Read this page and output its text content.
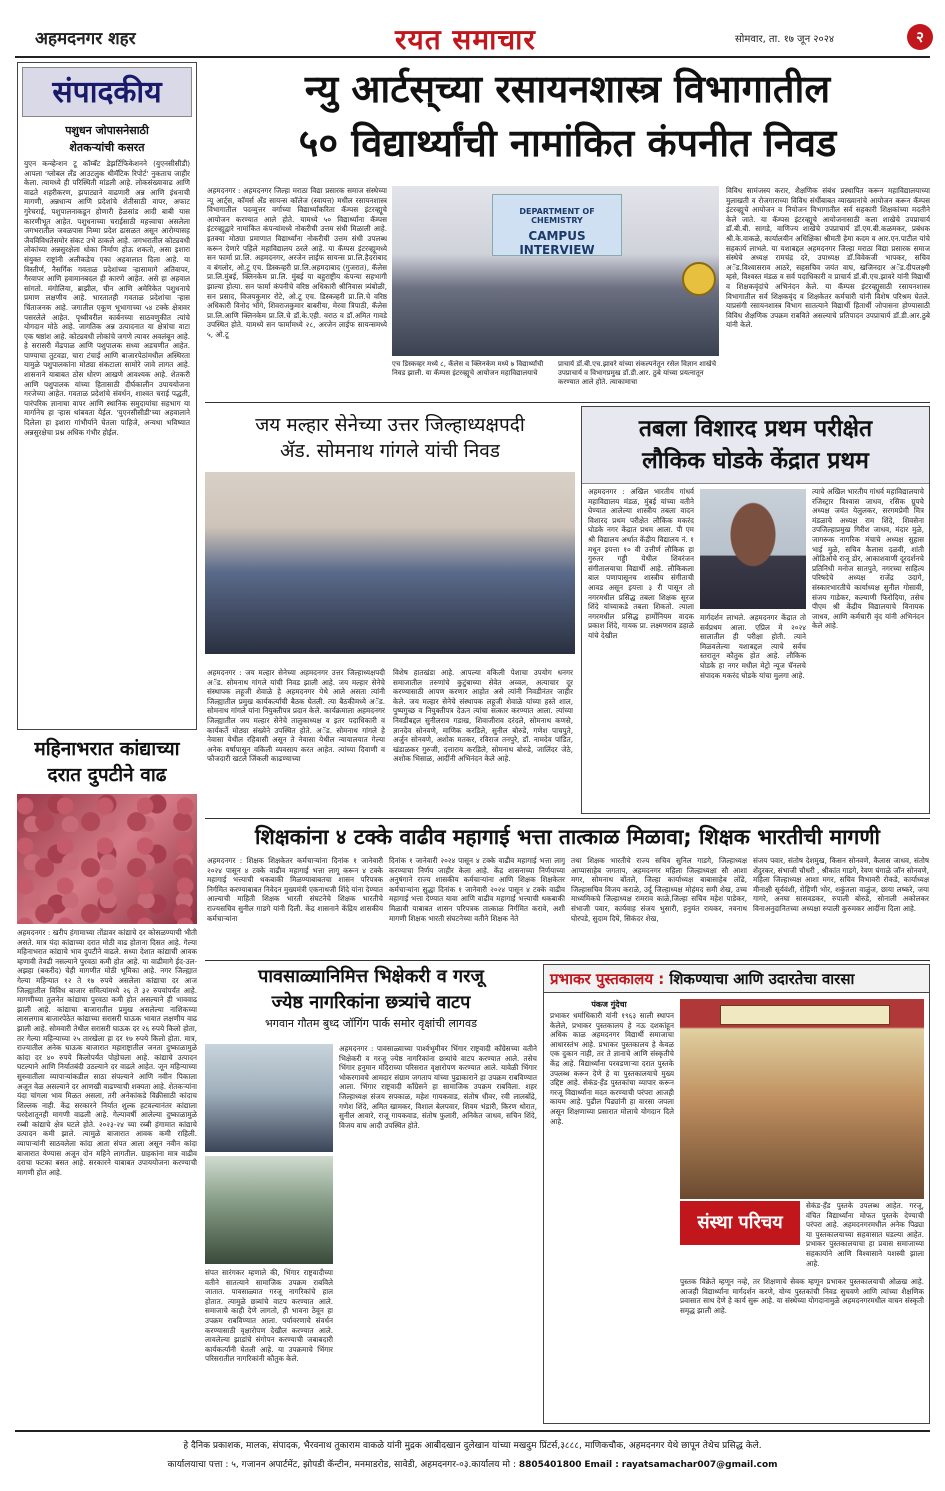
अहमदनगर शहर	रयत समाचार	सोमवार, ता. १७ जून २०२४	२
संपादकीय
पशुधन जोपासनेसाठी
शेतकऱ्यांची कसरत
युएन कन्व्हेन्शन टू कॉम्बॅट डेझर्टिफिकेशनने (युएनसीसीडी) आपला 'ग्लोबल लँड आउटलुक थीमॅटिक रिपोर्ट' नुकताच जाहीर केला. त्यामध्ये ही परिस्थिती मांडली आहे. लोकसंख्यावाढ आणि वाढते शहरीकरण, झपाट्याने वाढणारी अन्न आणि इंधनाची मागणी, अन्नधान्य आणि प्रदेशांचे शेतीसाठी वापर, अफाट गुरेचराई, पशुपालनाकडून होणारी हेळसांड आदी बाबी यास कारणीभूत आहेत. पशुधनाच्या चराईसाठी महत्त्वाचा असलेला जगभरातील जवळपास निम्मा प्रदेश ढासळत असून आरोग्यासह जैवविविधतेसमोर संकट उभे ठाकले आहे. जगभरातील कोट्यवधी लोकांच्या अन्नसुरक्षेला धोका निर्माण होऊ शकतो, असा इशारा संयुक्त राष्ट्रांनी अलीकडेच एका अहवालात दिला आहे. या विस्तीर्ण, नैसर्गिक गवताळ प्रदेशांच्या ऱ्हासामागे अतिवापर, गैरवापर आणि हवामानबदल ही कारणे आहेत. असे हा अहवाल सांगतो. मंगोलिया, ब्राझील, चीन आणि अमेरिकेत पशुधनाचे प्रमाण लक्षणीय आहे. भारतातही गवताळ प्रदेशांचा ऱ्हास चिंताजनक आहे. जगातील एकूण भूभागाच्या ५४ टक्के क्षेत्रावर पसरलेले आहेत. पृथ्वीवरील कार्बनच्या साठवणुकीत त्यांचे योगदान मोठे आहे. जागतिक अन्न उत्पादनात या क्षेत्रांचा वाटा एक षष्ठांश आहे. कोट्यवधी लोकांचे जगणे त्यावर अवलंबून आहे. हे सरासरी मेंढपाळ आणि पशुपालक सध्या अडचणीत आहेत. पाण्याचा तुटवडा, चारा टंचाई आणि बाजारपेठांमधील अस्थिरता यामुळे पशुपालकांना मोठ्या संकटाला सामोरे जावे लागत आहे. शासनाने याबाबत ठोस धोरण आखणे आवश्यक आहे. शेतकरी आणि पशुपालक यांच्या हितासाठी दीर्घकालीन उपाययोजना गरजेच्या आहेत. गवताळ प्रदेशांचे संवर्धन, शाश्वत चराई पद्धती, पारंपरिक ज्ञानाचा वापर आणि स्थानिक समुदायांचा सहभाग या मार्गानेच हा ऱ्हास थांबवता येईल. 'युएनसीसीडी'च्या अहवालाने दिलेला हा इशारा गांभीर्याने घेतला पाहिजे, अन्यथा भविष्यात अन्नसुरक्षेचा प्रश्न अधिक गंभीर होईल.
महिनाभरात कांद्याच्या
दरात दुपटीने वाढ
अहमदनगर : खरीप हंगामाच्या तोंडावर कांद्याचे दर कोसळण्याची भीती असते. मात्र यंदा कांद्याच्या दरात मोठी वाढ होताना दिसत आहे. गेल्या महिनाभरात कांद्याचे भाव दुपटीने वाढले. सध्या देशात कांद्याची आवक म्हणावी तेवढी नसल्याने पुरवठा कमी होत आहे. या वाढीमागे ईद-उल-अझहा (बकरीद) चेही मागणीत मोठी भूमिका आहे. नगर जिल्ह्यात गेल्या महिन्यात १२ ते १७ रुपये असलेला कांद्याचा दर आज जिल्ह्यातील विविध बाजार समित्यांमध्ये २६ ते ३२ रुपयांपर्यंत आहे. मागणीच्या तुलनेत कांद्याचा पुरवठा कमी होत असल्याने ही भाववाढ झाली आहे. कांद्याचा बाजारातील प्रमुख असलेल्या नाशिकच्या लासलगाव बाजारपेठेत कांद्याच्या सरासरी घाऊक भावात लक्षणीय वाढ झाली आहे. सोमवारी तेथील सरासरी घाऊक दर २६ रुपये किलो होता, तर गेल्या महिन्याच्या २५ तारखेला हा दर १७ रुपये किलो होता. मात्र, राज्यातील अनेक घाऊक बाजारात महाराष्ट्रातील जनता दुष्काळामुळे कांदा दर ४० रुपये किलोपर्यंत पोहोचला आहे. कांद्याचे उत्पादन घटल्याने आणि निर्यातबंदी उठल्याने दर वाढले आहेत. जून महिन्याच्या सुरुवातीला व्यापाऱ्यांकडील साठा संपल्याने आणि नवीन पिकाला अजून वेळ असल्याने दर आणखी वाढण्याची शक्यता आहे. शेतकऱ्यांना यंदा चांगला भाव मिळत असला, तरी अनेकांकडे विक्रीसाठी कांदाच शिल्लक नाही. केंद्र सरकारने निर्यात शुल्क हटवल्यानंतर कांद्याला परदेशातूनही मागणी वाढली आहे. गेल्यावर्षी आलेल्या दुष्काळामुळे रब्बी कांद्याचे क्षेत्र घटले होते. २०२३-२४ च्या रब्बी हंगामात कांद्याचे उत्पादन कमी झाले. त्यामुळे बाजारात आवक कमी राहिली. व्यापाऱ्यांनी साठवलेला कांदा आता संपत आला असून नवीन कांदा बाजारात येण्यास अजून दोन महिने लागतील. ग्राहकांना मात्र वाढीव दराचा फटका बसत आहे. सरकारने याबाबत उपाययोजना करण्याची मागणी होत आहे.
न्यु आर्टस्‌च्या रसायनशास्त्र विभागातील
५० विद्यार्थ्यांची नामांकित कंपनीत निवड
अहमदनगर : अहमदनगर जिल्हा मराठा विद्या प्रसारक समाज संस्थेच्या न्यू आर्ट्स, कॉमर्स अँड सायन्स कॉलेज (स्वायत्त) मधील रसायनशास्त्र विभागातील पदव्युत्तर वर्गाच्या विद्यार्थ्यांकरिता कॅम्पस इंटरव्ह्यूचे आयोजन करण्यात आले होते. यामध्ये ५० विद्यार्थ्यांना कॅम्पस इंटरव्ह्यूद्वारे नामांकित कंपन्यांमध्ये नोकरीची उत्तम संधी मिळाली आहे. इतक्या मोठ्या प्रमाणात विद्यार्थ्यांना नोकरीची उत्तम संधी उपलब्ध करून देणारे पहिले महाविद्यालय ठरले आहे. या कॅम्पस इंटरव्ह्यूमध्ये सन फार्मा प्रा.लि. अहमदनगर, अरजेन लाईफ सायन्स प्रा.लि.हैदराबाद व बंगलोर, ओ.टू एच. डिस्कव्हरी प्रा.लि.अहमदाबाद (गुजरात), कॅलेस प्रा.लि.मुंबई, क्लिनकेम प्रा.लि. मुंबई या बहुराष्ट्रीय कंपन्या सहभागी झाल्या होत्या. सन फार्मा कंपनीचे वरिष्ठ अधिकारी श्रीनिवास त्र्यंबोळी, सन प्रसाद, विजयकुमार रोटे, ओ.टू एच. डिस्कव्हरी प्रा.लि.चे वरिष्ठ अधिकारी विनोद भोंगे, शिवराजकुमार बाबरीया, मेरवा त्रिपाठी, कॅलेस प्रा.लि.आणि क्लिनकेम प्रा.लि.चे डॉ.के.एही. वराठ व डॉ.अमित गावडे उपस्थित होते. यामध्ये सन फार्मामध्ये २८, अरजेन लाईफ सायन्समध्ये ५, ओ.टू
DEPARTMENT OF CHEMISTRY
CAMPUS INTERVIEW
एच डिस्कव्हर मध्ये ८, कॅलेस व क्लिनकेम मध्ये ७ विद्यार्थ्यांची निवड झाली. या कॅम्पस इंटरव्ह्यूचे आयोजन महाविद्यालयाचे
प्राचार्य डॉ.बी.एच.झावरे यांच्या संकल्पनेतून रसेल विज्ञान शाखेचे उपप्राचार्य व विभागप्रमुख डॉ.डी.आर. ठुबे यांच्या प्रयत्नातून करण्यात आले होते. त्याकामाचा
विविध सामंजस्य करार, शैक्षणिक संबंध प्रस्थापित करून महाविद्यालयाच्या मुलाखती व रोजगाराच्या विविध संधींबाबत व्याख्यानांचे आयोजन करून कॅम्पस इंटरव्ह्यूचे आयोजन व नियोजन विभागातील सर्व सहकारी शिक्षकांच्या मदतीने केले जाते. या कॅम्पस इंटरव्ह्यूचे आयोजनासाठी कला शाखेचे उपप्राचार्य डॉ.बी.बी. सागडे, वाणिज्य शाखेचे उपप्राचार्य डॉ.एम.बी.कळमकर, प्रबंधक श्री.के.वाकळे, कार्यालयीन अधिक्षिका श्रीमती हेमा कदम व आर.एन.पाटील यांचे सहकार्य लाभले. या यशाबद्दल अहमदनगर जिल्हा मराठा विद्या प्रसारक समाज संस्थेचे अध्यक्ष रामचंद्र दरे, उपाध्यक्ष डॉ.विवेकजी भापकर, सचिव अॅड.विश्वासराव आठरे, सहसचिव जयंत वाघ, खजिनदार अॅड.दीपलक्ष्मी म्हसे, विश्वस्त मंडळ व सर्व पदाधिकारी व प्राचार्य डॉ.बी.एच.झावरे यांनी विद्यार्थी व शिक्षकवृंदांचे अभिनंदन केले. या कॅम्पस इंटरव्ह्यूसाठी रसायनशास्त्र विभागातील सर्व शिक्षकवृंद व शिक्षकेतर कर्मचारी यांनी विशेष परिश्रम घेतले. याप्रसंगी रसायनशास्त्र विभाग सातत्याने विद्यार्थी हितार्थी जोपासना होण्यासाठी विविध शैक्षणिक उपक्रम राबविते असल्याचे प्रतिपादन उपप्राचार्य डॉ.डी.आर.ठुबे यांनी केले.
जय मल्हार सेनेच्या उत्तर जिल्हाध्यक्षपदी
ॲड. सोमनाथ गांगले यांची निवड
अहमदनगर : जय मल्हार सेनेच्या अहमदनगर उत्तर जिल्हाध्यक्षपदी अॅड. सोमनाथ गांगले यांची निवड झाली आहे. जय मल्हार सेनेचे संस्थापक लहूजी शेवाळे हे अहमदनगर येथे आले असता त्यांनी जिल्ह्यातील प्रमुख कार्यकर्त्यांची बैठक घेतली. त्या बैठकीमध्ये अॅड. सोमनाथ गांगले यांना नियुक्तीपत्र प्रदान केले. कार्यक्रमाला अहमदनगर जिल्ह्यातील जय मल्हार सेनेचे तालुकाध्यक्ष व इतर पदाधिकारी व कार्यकर्ते मोठ्या संख्येने उपस्थित होते. अॅड. सोमनाथ गांगले हे नेवासा येथील रहिवासी असून ते नेवासा येथील न्यायालयात गेल्या अनेक वर्षापासून वकिली व्यवसाय करत आहेत. त्यांच्या दिवाणी व फौजदारी खटले जिंकली काढण्याच्या
विशेष हातखंडा आहे. आपल्या वकिली पेशाचा उपयोग धनगर समाजातील तरुणांचे कुटुंबाच्या सेवेत अव्वल, अत्याचार दूर करण्यासाठी आपण करणार आहोत असे त्यांनी निवडीनंतर जाहीर केले. जय मल्हार सेनेचे संस्थापक लहूजी शेवाळे यांच्या हस्ते शाल, पुष्पगुच्छ व नियुक्तीपत्र देऊन त्यांचा सत्कार करण्यात आला. त्यांच्या निवडीबद्दल सुनीलराव गडाख, शिवाजीराव दरंदले, सोमनाथ कणसे, ज्ञानदेव सोनवणे, माणिक करडिले, सुनील बोरुडे, गणेश पाचपुते, अर्जुन सोनवणे, अशोक मतकर, रविराज तनपुरे, डॉ. नामदेव पांडित, खंडाळकर गुरुजी, दत्ताराय करडिले, सोमनाथ बोरुडे, जालिंदर जेठे, अशोक भिसाळ, आदींनी अभिनंदन केले आहे.
तबला विशारद प्रथम परीक्षेत
लौकिक घोडके केंद्रात प्रथम
अहमदनगर : अखिल भारतीय गांधर्व महाविद्यालय मंडळ, मुंबई यांच्या वतीने घेण्यात आलेल्या शास्त्रीय तबला वादन विशारद प्रथम परीक्षेत लौकिक मकरंद घोडके नगर केंद्रात प्रथम आला. पी एम श्री विद्यालय अर्थात केंद्रीय विद्यालय नं. १ मधून इयत्ता १० वी उत्तीर्ण लौकिक हा गुरुतर गड्डी येथील शिवरंजन संगीतालयाचा विद्यार्थी आहे. लौकिकला बाल पणापासूनच शास्त्रीय संगीताची आवड असून इयत्ता ३ री पासून तो नगरमधील प्रसिद्ध तबला शिक्षक सूरज शिंदे यांच्याकडे तबला शिकतो. त्याला नगरमधील प्रसिद्ध हार्मोनियम वादक प्रकाश शिंदे, गायक प्रा. लक्ष्मणराव डहाळे यांचे देखील
मार्गदर्शन लाभले. अहमदनगर केंद्रात तो सर्वप्रथम आला. एप्रिल मे २०२४ सालातील ही परीक्षा होती. त्याने मिळवलेल्या यशाबद्दल त्याचे सर्वच स्तरातून कौतुक होत आहे. लौकिक घोडके हा नगर मधील मेट्रो न्यूज चॅनलचे संपादक मकरंद घोडके यांचा मुलगा आहे.
त्याचे अखिल भारतीय गांधर्व महाविद्यालयाचे रजिस्ट्रार विश्वास जाधव, रसिक ग्रुपचे अध्यक्ष जयंत येलुलकर, सरगमप्रेमी मित्र मंडळाचे अध्यक्ष राम शिंदे, शिवसेना उपजिल्हाप्रमुख गिरीश जाधव, मंदार मुळे, जागरूक नागरिक मंचाचे अध्यक्ष सुहास भाई मुळे, सचिव कैलास दळवी, शांती ओडिओचे राजू डोर, आकाशवाणी दूरदर्शनचे प्रतिनिधी मनोज सातपुते, नगरच्या साहित्य परिषदेचे अध्यक्ष राजेंद्र उदागे, संस्कारभारतीचे कार्याध्यक्ष सुनील गोसावी, संजय गाडेकर, कल्याणी फिरोदिया, तसेच पीएम श्री केंद्रीय विद्यालयाचे विनायक जाधव, आणि कर्मचारी वृंद यांनी अभिनंदन केले आहे.
शिक्षकांना ४ टक्के वाढीव महागाई भत्ता तात्काळ मिळावा; शिक्षक भारतीची मागणी
अहमदनगर : शिक्षक शिक्षकेतर कर्मचाऱ्यांना दिनांक १ जानेवारी २०२४ पासून ४ टक्के वाढीव महागाई भत्ता लागू करून ४ टक्के महागाई भत्त्याची थकबाकी मिळण्याबाबतचा शासन परिपत्रक निर्गमित करण्याबाबत निवेदन मुख्यमंत्री एकनाथजी शिंदे यांना देण्यात आल्याची माहिती शिक्षक भारती संघटनेचे शिक्षक भारतीचे राज्यसचिव सुनील गाडगे यांनी दिली. केंद्र शासनाने केंद्रिय शासकीय कर्मचाऱ्यांना
दिनांक १ जानेवारी २०२४ पासून ४ टक्के वाढीव महागाई भत्ता लागू करण्याचा निर्णय जाहीर केला आहे. केंद्र शासनाच्या निर्णयाच्या अनुषंगाने राज्य शासकीय कर्मचाऱ्यांना आणि शिक्षक शिक्षकेतर कर्मचाऱ्यांना सुद्धा दिनांक १ जानेवारी २०२४ पासून ४ टक्के वाढीव महागाई भत्ता देण्यात यावा आणि वाढीव महागाई भत्त्याची थकबाकी मिळावी याबाबत शासन परिपत्रक तात्काळ निर्गमित करावे, अशी मागणी शिक्षक भारती संघटनेच्या वतीने शिक्षक नेते
तथा शिक्षक भारतीचे राज्य सचिव सुनिल गाडगे, जिल्हाध्यक्ष आप्पासाहेब जगताप, अहमदनगर महिला जिल्हाध्यक्षा सौ आशा मगर, सोमनाथ बोंतले, जिल्हा कार्याध्यक्ष बाबासाहेब लोंढे, जिल्हासचिव विजय कराळे, उर्दू जिल्हाध्यक्ष मोहंमद समी शेख, उच्च माध्यमिकचे जिल्हाध्यक्ष रामराव काळे,जिल्हा सचिव महेश पाडेकर, संभाजी पवार, कार्यवाह संजय भुसारी, हनुमंत रायकर, नवनाथ घोरपडे, सुदाम दिघे, सिकंदर शेख,
संजय पवार, संतोष देशमुख, किसन सोनवणे, कैलास जाधव, संतोष शेंदुरकर, संभाजी चौधरी , श्रीकांत गाडगे, रेवण घंगाळे जॉन सोनवणे, महिला जिल्हाध्यक्ष आशा मगर, सचिव विभावरी रोकडे, कार्याध्यक्ष मीनाक्षी सूर्यवंशी, रोहिणी भोर, शकुंतला वाळुंज, छाया लष्करे, जया गागरे, अनघा सासवडकर, रुपाली बोरुडे, सोनाली अकोलकर विनाअनुदानितच्या अध्यक्षा रुपाली कुरुमकर आदींना दिला आहे.
पावसाळ्यानिमित्त भिक्षेकरी व गरजू
ज्येष्ठ नागरिकांना छत्र्यांचे वाटप
भगवान गौतम बुध्द जॉगिंग पार्क समोर वृक्षांची लागवड
अहमदनगर : पावसाळ्याच्या पार्श्वभूमीवर भिंगार राष्ट्रवादी काँग्रेसच्या वतीने भिक्षेकरी व गरजू ज्येष्ठ नागरिकांना छत्र्यांचे वाटप करण्यात आले. तसेच भिंगार हनुमान मंदिराच्या परिसरात वृक्षारोपण करण्यात आले. यावेळी भिंगार भोकरगावचे आमदार संग्राम जगताप यांच्या पुढाकाराने हा उपक्रम राबविण्यात आला. भिंगार राष्ट्रवादी काँग्रेसने हा सामाजिक उपक्रम राबविला. शहर जिल्हाध्यक्ष संजय सपकाळ, महेश गायकवाड, संतोष धीवर, रवी लालबोंद्रे, गणेश शिंदे, अमित खामकर, विशाल बेलपवार, शिवम भंडारी, किरण थोरात, सुनील आवारे, राजू गायकवाड, संतोष फुलारी, अनिकेत जाधव, सचिन शिंदे, विजय वाघ आदी उपस्थित होते.
संपत सारंगकर म्हणाले की, भिंगार राष्ट्रवादीच्या वतीने सातत्याने सामाजिक उपक्रम राबविले जातात. पावसाळ्यात गरजू नागरिकांचे हाल होतात. त्यामुळे छत्र्यांचे वाटप करण्यात आले. समाजाचे काही देणे लागतो, ही भावना ठेवून हा उपक्रम राबविण्यात आला. पर्यावरणाचे संवर्धन करण्यासाठी वृक्षारोपण देखील करण्यात आले. लावलेल्या झाडांचे संगोपन करण्याची जबाबदारी कार्यकर्त्यांनी घेतली आहे. या उपक्रमाचे भिंगार परिसरातील नागरिकांनी कौतुक केले.
प्रभाकर पुस्तकालय : शिकण्याचा आणि उदारतेचा वारसा
पंकज गुंदेचा
प्रभाकर धर्माधिकारी यांनी १९६३ साली स्थापन केलेले, प्रभाकर पुस्तकालय हे नऊ दशकांहून अधिक काळ अहमदनगर विद्यार्थी समाजाचा आधारस्तंभ आहे. प्रभाकर पुस्तकालय हे केवळ एक दुकान नाही, तर ते ज्ञानाचे आणि संस्कृतीचे केंद्र आहे. विद्यार्थ्यांना परवडणाऱ्या दरात पुस्तके उपलब्ध करून देणे हे या पुस्तकालयाचे मुख्य उद्दिष्ट आहे. सेकंड-हँड पुस्तकांचा व्यापार करून गरजू विद्यार्थ्यांना मदत करण्याची परंपरा आजही कायम आहे. पुढील पिढ्यांनी हा वारसा जपला असून शिक्षणाच्या प्रसारात मोलाचे योगदान दिले आहे.
संस्था परिचय
सेकंड-हँड पुस्तके उपलब्ध आहेत. गरजू, वंचित विद्यार्थ्यांना मोफत पुस्तके देण्याची परंपरा आहे. अहमदनगरमधील अनेक पिढ्या या पुस्तकालयाच्या सहवासात घडल्या आहेत. प्रभाकर पुस्तकालयाचा हा प्रवास समाजाच्या सहकार्याने आणि विश्वासाने यशस्वी झाला आहे.
पुस्तक विक्रेते म्हणून नव्हे, तर शिक्षणाचे सेवक म्हणून प्रभाकर पुस्तकालयाची ओळख आहे. आजही विद्यार्थ्यांना मार्गदर्शन करणे, योग्य पुस्तकांची निवड सुचवणे आणि त्यांच्या शैक्षणिक प्रवासात साथ देणे हे कार्य सुरू आहे. या संस्थेच्या योगदानामुळे अहमदनगरमधील वाचन संस्कृती समृद्ध झाली आहे.
हे दैनिक प्रकाशक, मालक, संपादक, भैरवनाथ तुकाराम वाकळे यांनी मुद्रक आबीदखान दुलेखान यांच्या मखदुम प्रिंटर्स,३८८८, माणिकचौक, अहमदनगर येथे छापून तेथेच प्रसिद्ध केले.
कार्यालयाचा पत्ता : ५, गजानन अपार्टमेंट, झोपडी कॅन्टीन, मनमाडरोड, सावेडी, अहमदनगर-०३.कार्यालय मो : 8805401800 Email : rayatsamachar007@gmail.com
